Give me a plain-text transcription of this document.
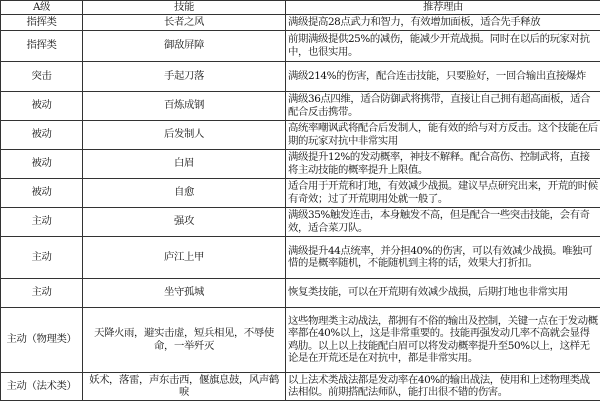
A级	技能	推荐理由
指挥类	长者之风	满级提高28点武力和智力，有效增加面板，适合先手释放
指挥类	御敌屏障	前期满级提供25%的减伤，能减少开荒战损。同时在以后的玩家对抗中，也很实用。
突击	手起刀落	满级214%的伤害，配合连击技能，只要脸好，一回合输出直接爆炸
被动	百炼成钢	满级36点四维，适合防御武将携带，直接让自己拥有超高面板，适合配合反击携带。
被动	后发制人	高统率嘲讽武将配合后发制人，能有效的给与对方反击。这个技能在后期的玩家对抗中非常实用
被动	白眉	满级提升12%的发动概率，神技不解释。配合高伤、控制武将，直接将主动技能的概率提升上限值。
被动	自愈	适合用于开荒和打地，有效减少战损。建议早点研究出来，开荒的时候有奇效；过了开荒期用处就一般了。
主动	强攻	满级35%触发连击，本身触发不高，但是配合一些突击技能，会有奇效，适合菜刀队。
主动	庐江上甲	满级提升44点统率，并分担40%的伤害，可以有效减少战损。唯独可惜的是概率随机，不能随机到主将的话，效果大打折扣。
主动	坐守孤城	恢复类技能，可以在开荒期有效减少战损，后期打地也非常实用
主动（物理类）	天降火雨，避实击虚，短兵相见，不辱使命，一举歼灭	这些物理类主动战法，都拥有不俗的输出及控制，关键一点在于发动概率都在40%以上，这是非常重要的。技能再强发动几率不高就会显得鸡肋。以上以上技能配白眉可以将发动概率提升至50%以上，这样无论是在开荒还是在对抗中，都是非常实用。
主动（法术类）	妖术，落雷，声东击西，偃旗息鼓，风声鹤唳	以上法术类战法都是发动率在40%的输出战法，使用和上述物理类战法相似。前期搭配法师队，能打出很不错的伤害。
